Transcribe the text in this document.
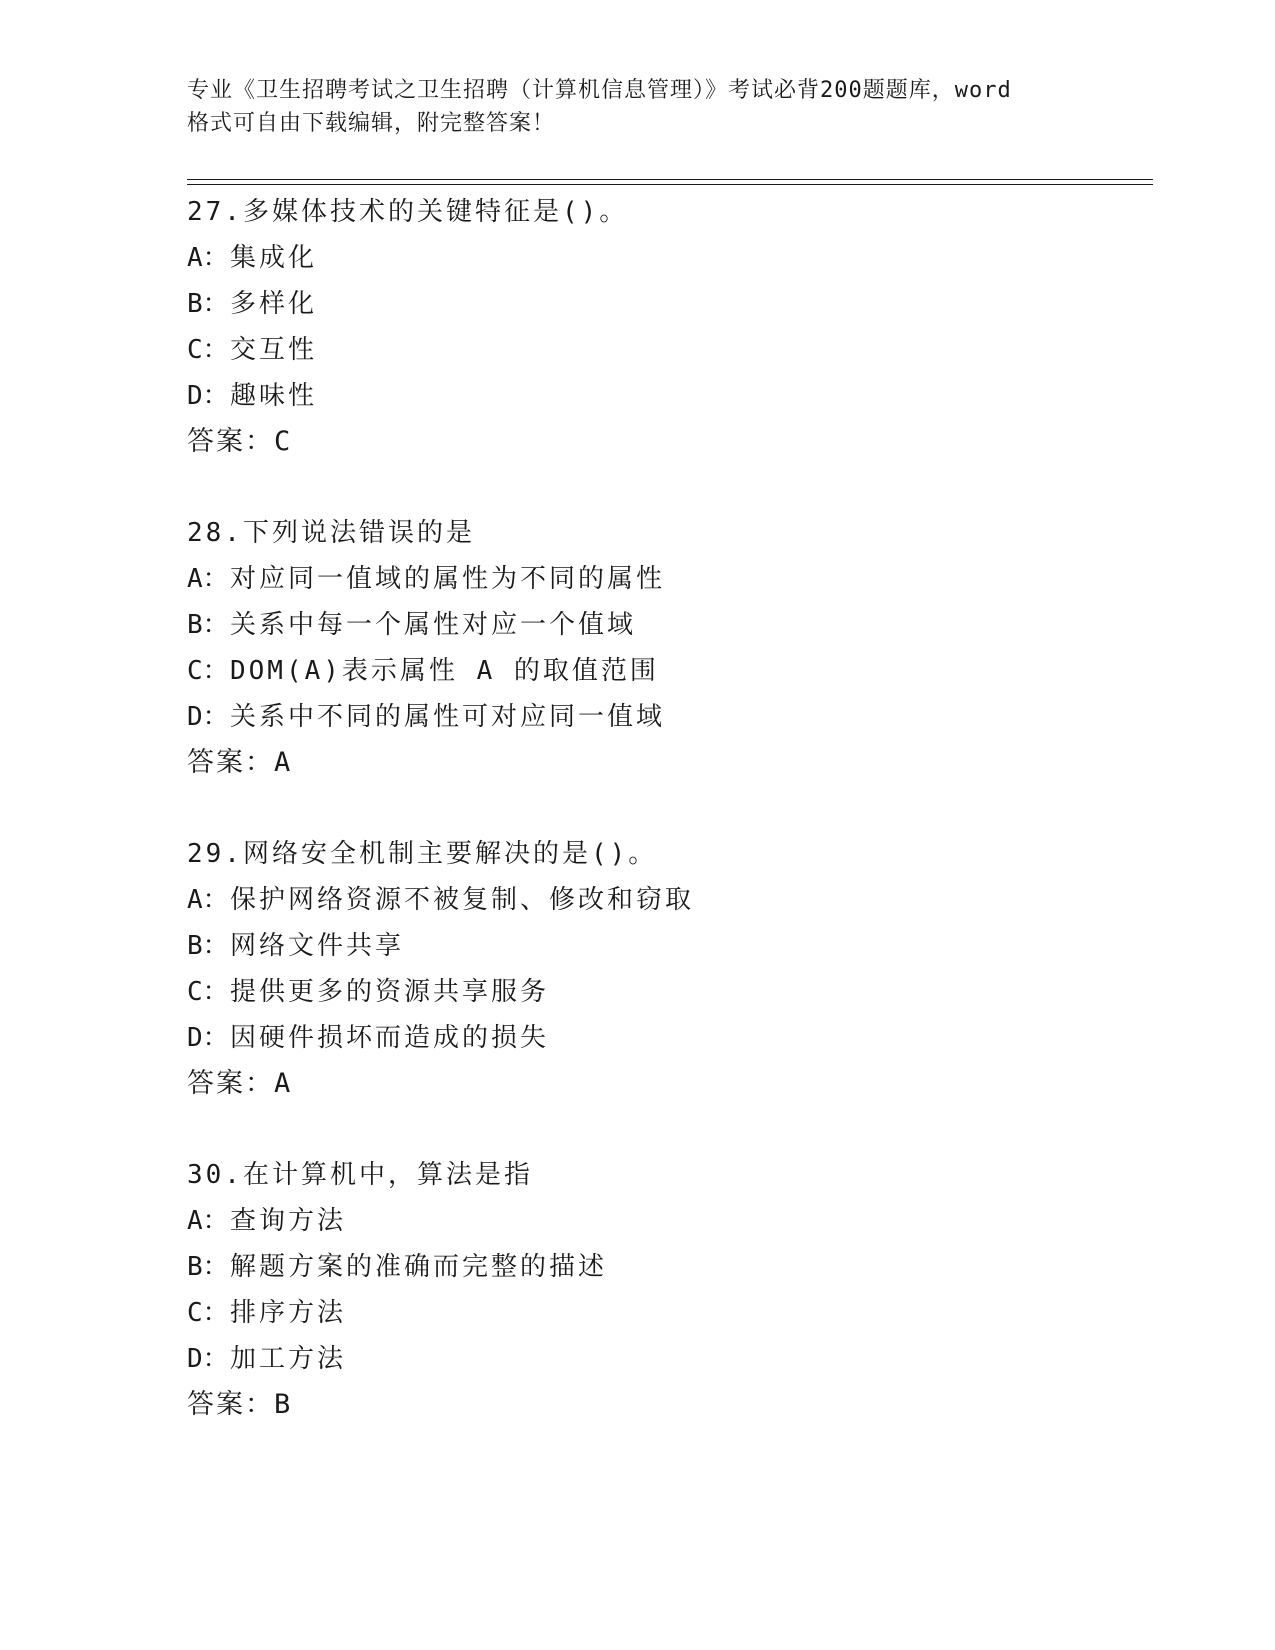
专业《卫生招聘考试之卫生招聘（计算机信息管理）》考试必背200题题库，word
格式可自由下载编辑，附完整答案！
27.多媒体技术的关键特征是()。
A：集成化
B：多样化
C：交互性
D：趣味性
答案：C
28.下列说法错误的是
A：对应同一值域的属性为不同的属性
B：关系中每一个属性对应一个值域
C：DOM(A)表示属性 A 的取值范围
D：关系中不同的属性可对应同一值域
答案：A
29.网络安全机制主要解决的是()。
A：保护网络资源不被复制、修改和窃取
B：网络文件共享
C：提供更多的资源共享服务
D：因硬件损坏而造成的损失
答案：A
30.在计算机中，算法是指
A：查询方法
B：解题方案的准确而完整的描述
C：排序方法
D：加工方法
答案：B
